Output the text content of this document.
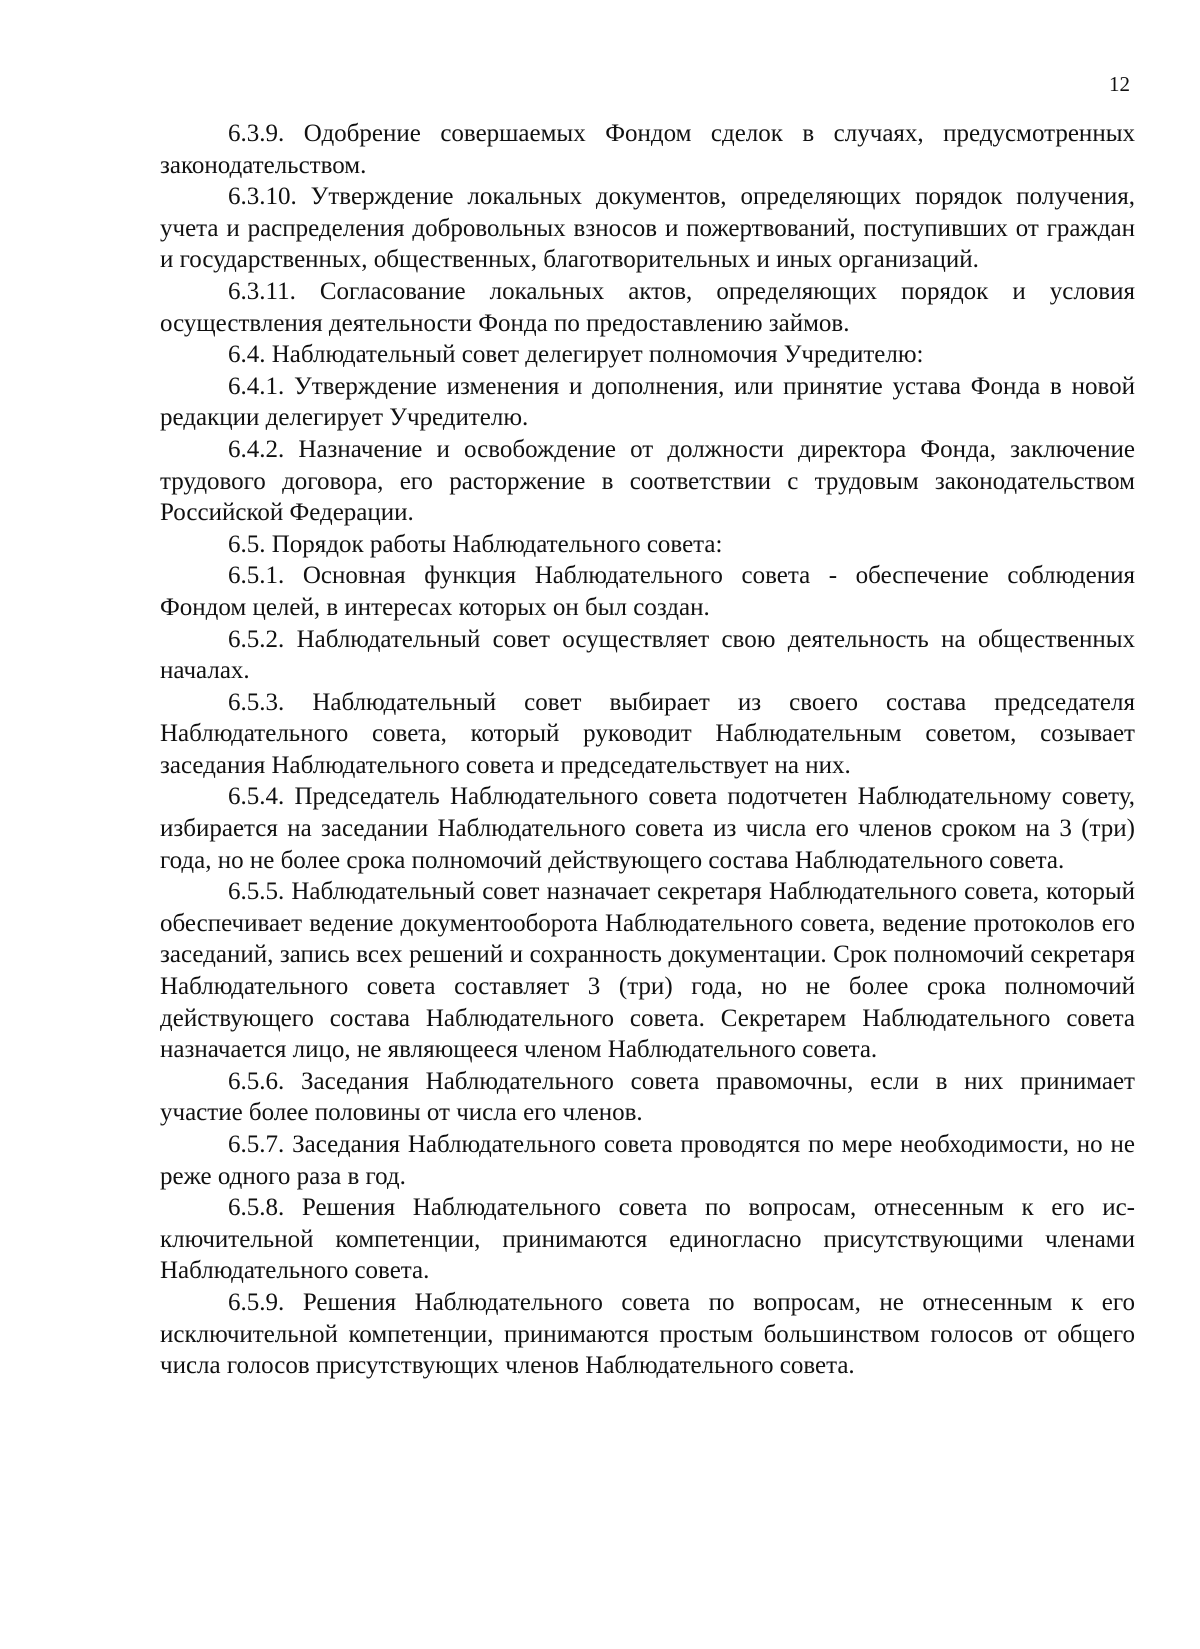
12

6.3.9. Одобрение совершаемых Фондом сделок в случаях, предусмотренных законодательством.

6.3.10. Утверждение локальных документов, определяющих порядок получения, учета и распределения добровольных взносов и пожертвований, поступивших от граждан и государственных, общественных, благотворительных и иных организаций.

6.3.11. Согласование локальных актов, определяющих порядок и условия осуществления деятельности Фонда по предоставлению займов.

6.4. Наблюдательный совет делегирует полномочия Учредителю:

6.4.1. Утверждение изменения и дополнения, или принятие устава Фонда в новой редакции делегирует Учредителю.

6.4.2. Назначение и освобождение от должности директора Фонда, заключение трудового договора, его расторжение в соответствии с трудовым законодательством Российской Федерации.

6.5. Порядок работы Наблюдательного совета:

6.5.1. Основная функция Наблюдательного совета - обеспечение соблюдения Фондом целей, в интересах которых он был создан.

6.5.2. Наблюдательный совет осуществляет свою деятельность на общественных началах.

6.5.3. Наблюдательный совет выбирает из своего состава председателя Наблюдательного совета, который руководит Наблюдательным советом, созывает заседания Наблюдательного совета и председательствует на них.

6.5.4. Председатель Наблюдательного совета подотчетен Наблюдательному совету, избирается на заседании Наблюдательного совета из числа его членов сроком на 3 (три) года, но не более срока полномочий действующего состава Наблюдательного совета.

6.5.5. Наблюдательный совет назначает секретаря Наблюдательного совета, который обеспечивает ведение документооборота Наблюдательного совета, ведение протоколов его заседаний, запись всех решений и сохранность документации. Срок полномочий секретаря Наблюдательного совета составляет 3 (три) года, но не более срока полномочий действующего состава Наблюдательного совета. Секретарем Наблюдательного совета назначается лицо, не являющееся членом Наблюдательного совета.

6.5.6. Заседания Наблюдательного совета правомочны, если в них принимает участие более половины от числа его членов.

6.5.7. Заседания Наблюдательного совета проводятся по мере необходимости, но не реже одного раза в год.

6.5.8. Решения Наблюдательного совета по вопросам, отнесенным к его исключительной компетенции, принимаются единогласно присутствующими членами Наблюдательного совета.

6.5.9. Решения Наблюдательного совета по вопросам, не отнесенным к его исключительной компетенции, принимаются простым большинством голосов от общего числа голосов присутствующих членов Наблюдательного совета.
